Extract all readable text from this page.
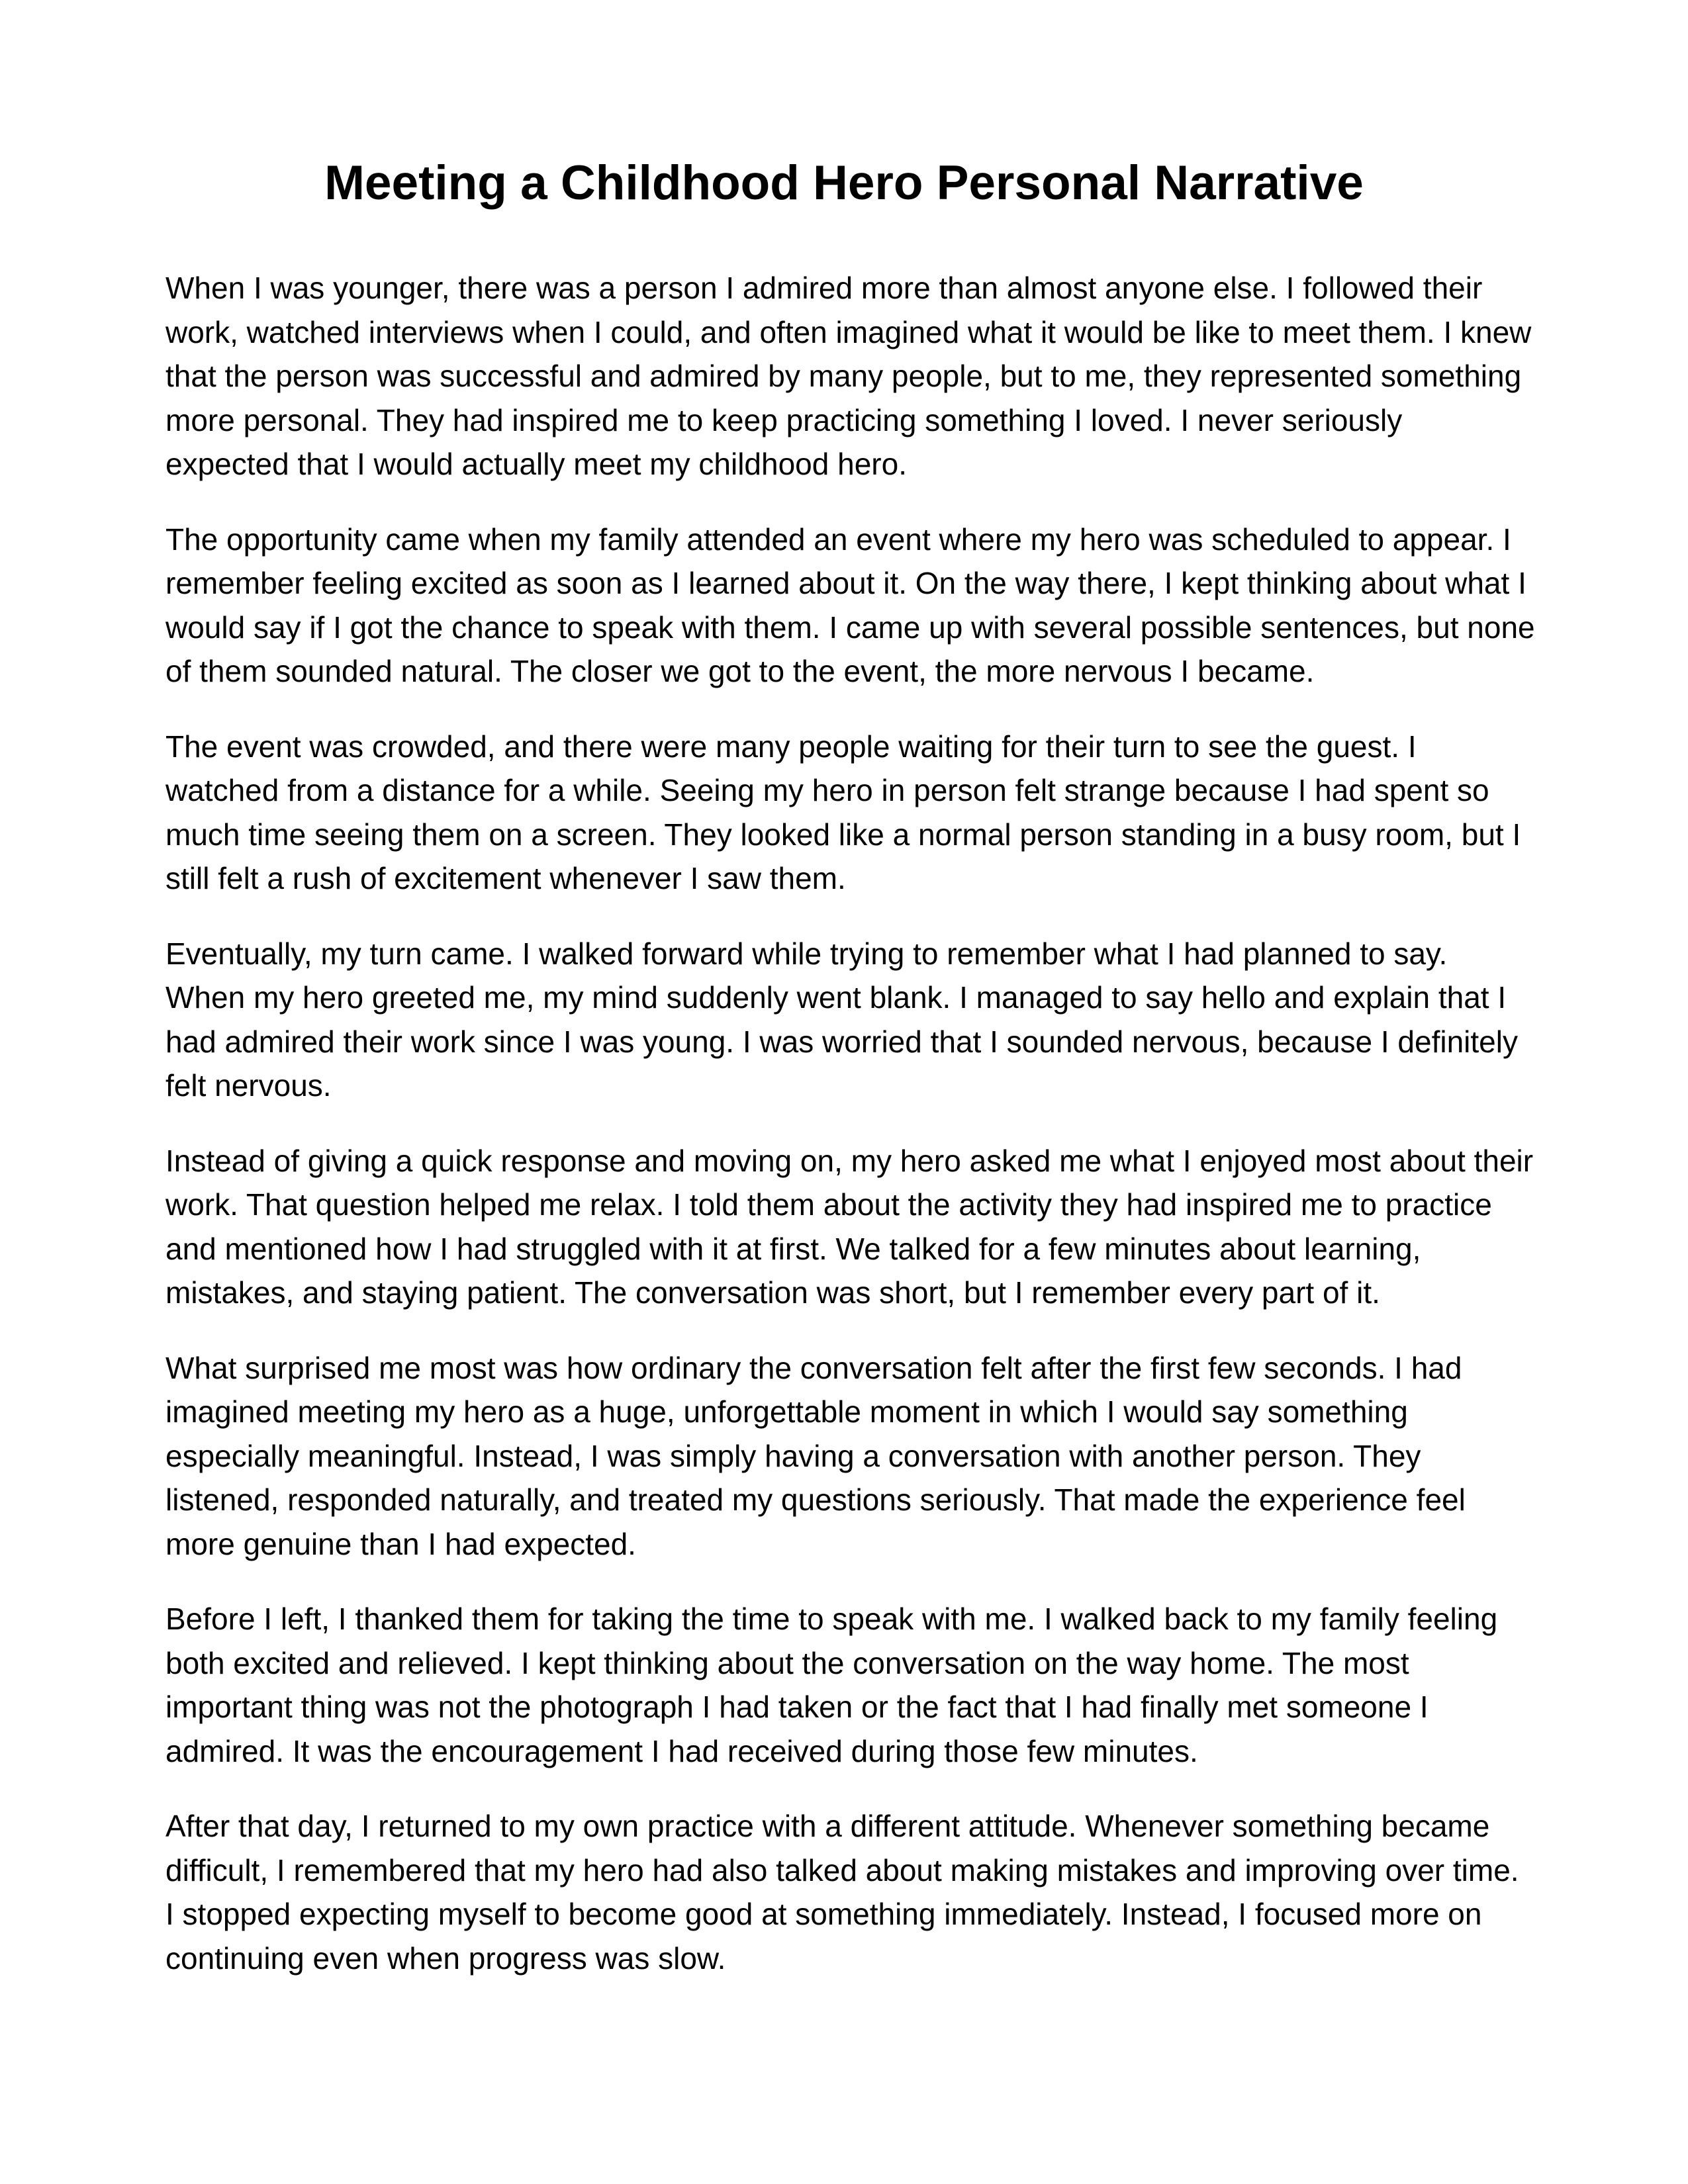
Meeting a Childhood Hero Personal Narrative

When I was younger, there was a person I admired more than almost anyone else. I followed their
work, watched interviews when I could, and often imagined what it would be like to meet them. I knew
that the person was successful and admired by many people, but to me, they represented something
more personal. They had inspired me to keep practicing something I loved. I never seriously
expected that I would actually meet my childhood hero.

The opportunity came when my family attended an event where my hero was scheduled to appear. I
remember feeling excited as soon as I learned about it. On the way there, I kept thinking about what I
would say if I got the chance to speak with them. I came up with several possible sentences, but none
of them sounded natural. The closer we got to the event, the more nervous I became.

The event was crowded, and there were many people waiting for their turn to see the guest. I
watched from a distance for a while. Seeing my hero in person felt strange because I had spent so
much time seeing them on a screen. They looked like a normal person standing in a busy room, but I
still felt a rush of excitement whenever I saw them.

Eventually, my turn came. I walked forward while trying to remember what I had planned to say.
When my hero greeted me, my mind suddenly went blank. I managed to say hello and explain that I
had admired their work since I was young. I was worried that I sounded nervous, because I definitely
felt nervous.

Instead of giving a quick response and moving on, my hero asked me what I enjoyed most about their
work. That question helped me relax. I told them about the activity they had inspired me to practice
and mentioned how I had struggled with it at first. We talked for a few minutes about learning,
mistakes, and staying patient. The conversation was short, but I remember every part of it.

What surprised me most was how ordinary the conversation felt after the first few seconds. I had
imagined meeting my hero as a huge, unforgettable moment in which I would say something
especially meaningful. Instead, I was simply having a conversation with another person. They
listened, responded naturally, and treated my questions seriously. That made the experience feel
more genuine than I had expected.

Before I left, I thanked them for taking the time to speak with me. I walked back to my family feeling
both excited and relieved. I kept thinking about the conversation on the way home. The most
important thing was not the photograph I had taken or the fact that I had finally met someone I
admired. It was the encouragement I had received during those few minutes.

After that day, I returned to my own practice with a different attitude. Whenever something became
difficult, I remembered that my hero had also talked about making mistakes and improving over time.
I stopped expecting myself to become good at something immediately. Instead, I focused more on
continuing even when progress was slow.
